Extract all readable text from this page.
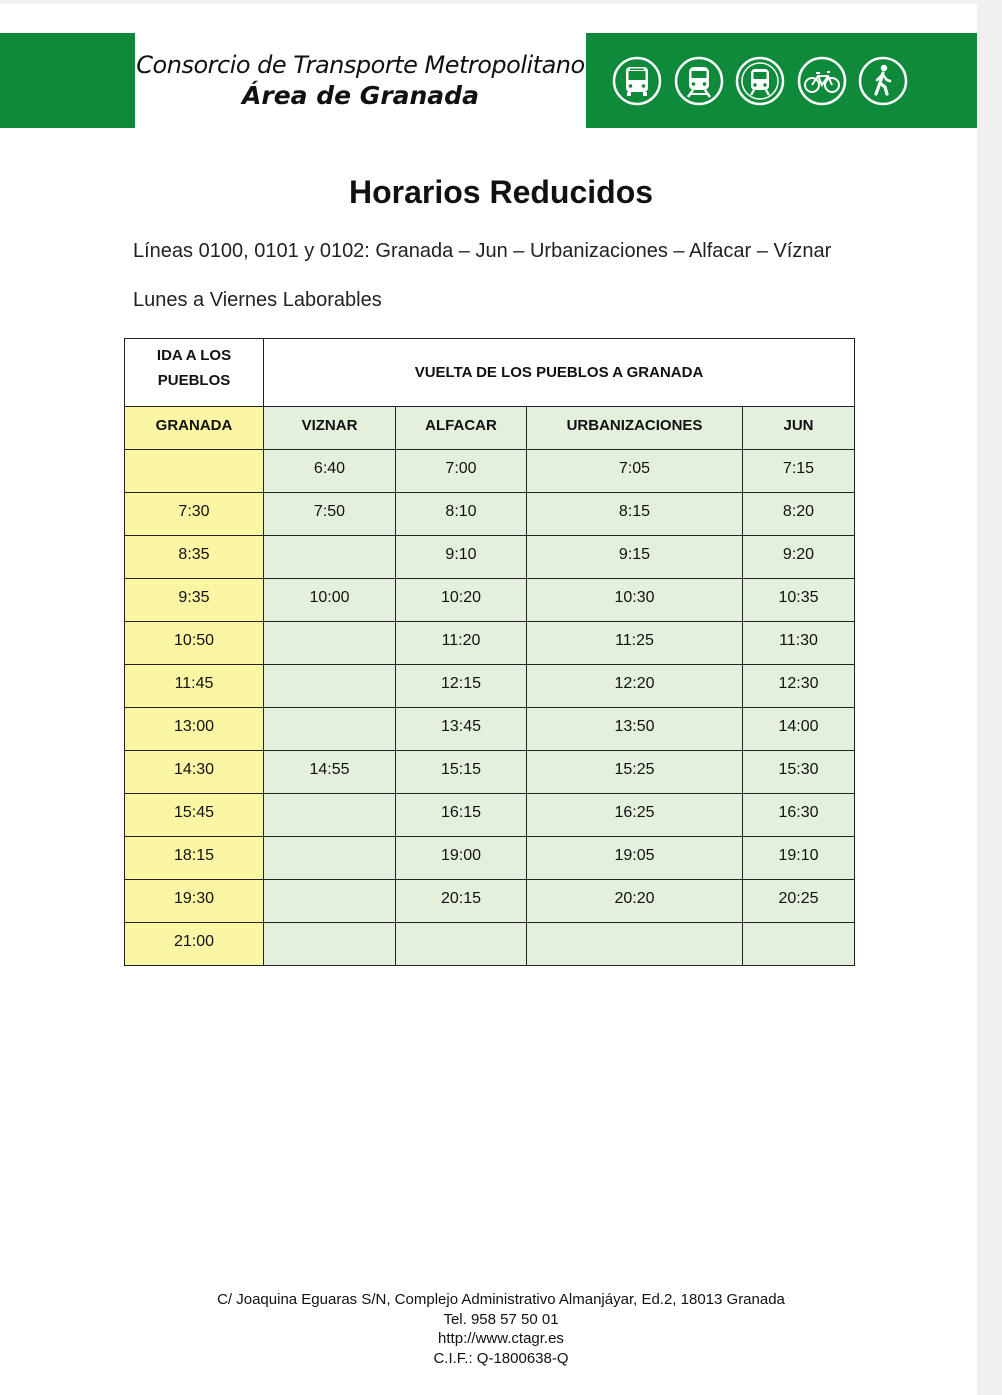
Consorcio de Transporte Metropolitano
Área de Granada
Horarios Reducidos
Líneas 0100, 0101 y 0102: Granada – Jun – Urbanizaciones – Alfacar – Víznar
Lunes a Viernes Laborables
IDA A LOS
PUEBLOS	VUELTA DE LOS PUEBLOS A GRANADA			
GRANADA	VIZNAR	ALFACAR	URBANIZACIONES	JUN
	6:40	7:00	7:05	7:15
7:30	7:50	8:10	8:15	8:20
8:35		9:10	9:15	9:20
9:35	10:00	10:20	10:30	10:35
10:50		11:20	11:25	11:30
11:45		12:15	12:20	12:30
13:00		13:45	13:50	14:00
14:30	14:55	15:15	15:25	15:30
15:45		16:15	16:25	16:30
18:15		19:00	19:05	19:10
19:30		20:15	20:20	20:25
21:00				
C/ Joaquina Eguaras S/N, Complejo Administrativo Almanjáyar, Ed.2, 18013 Granada
Tel. 958 57 50 01
http://www.ctagr.es
C.I.F.: Q-1800638-Q
